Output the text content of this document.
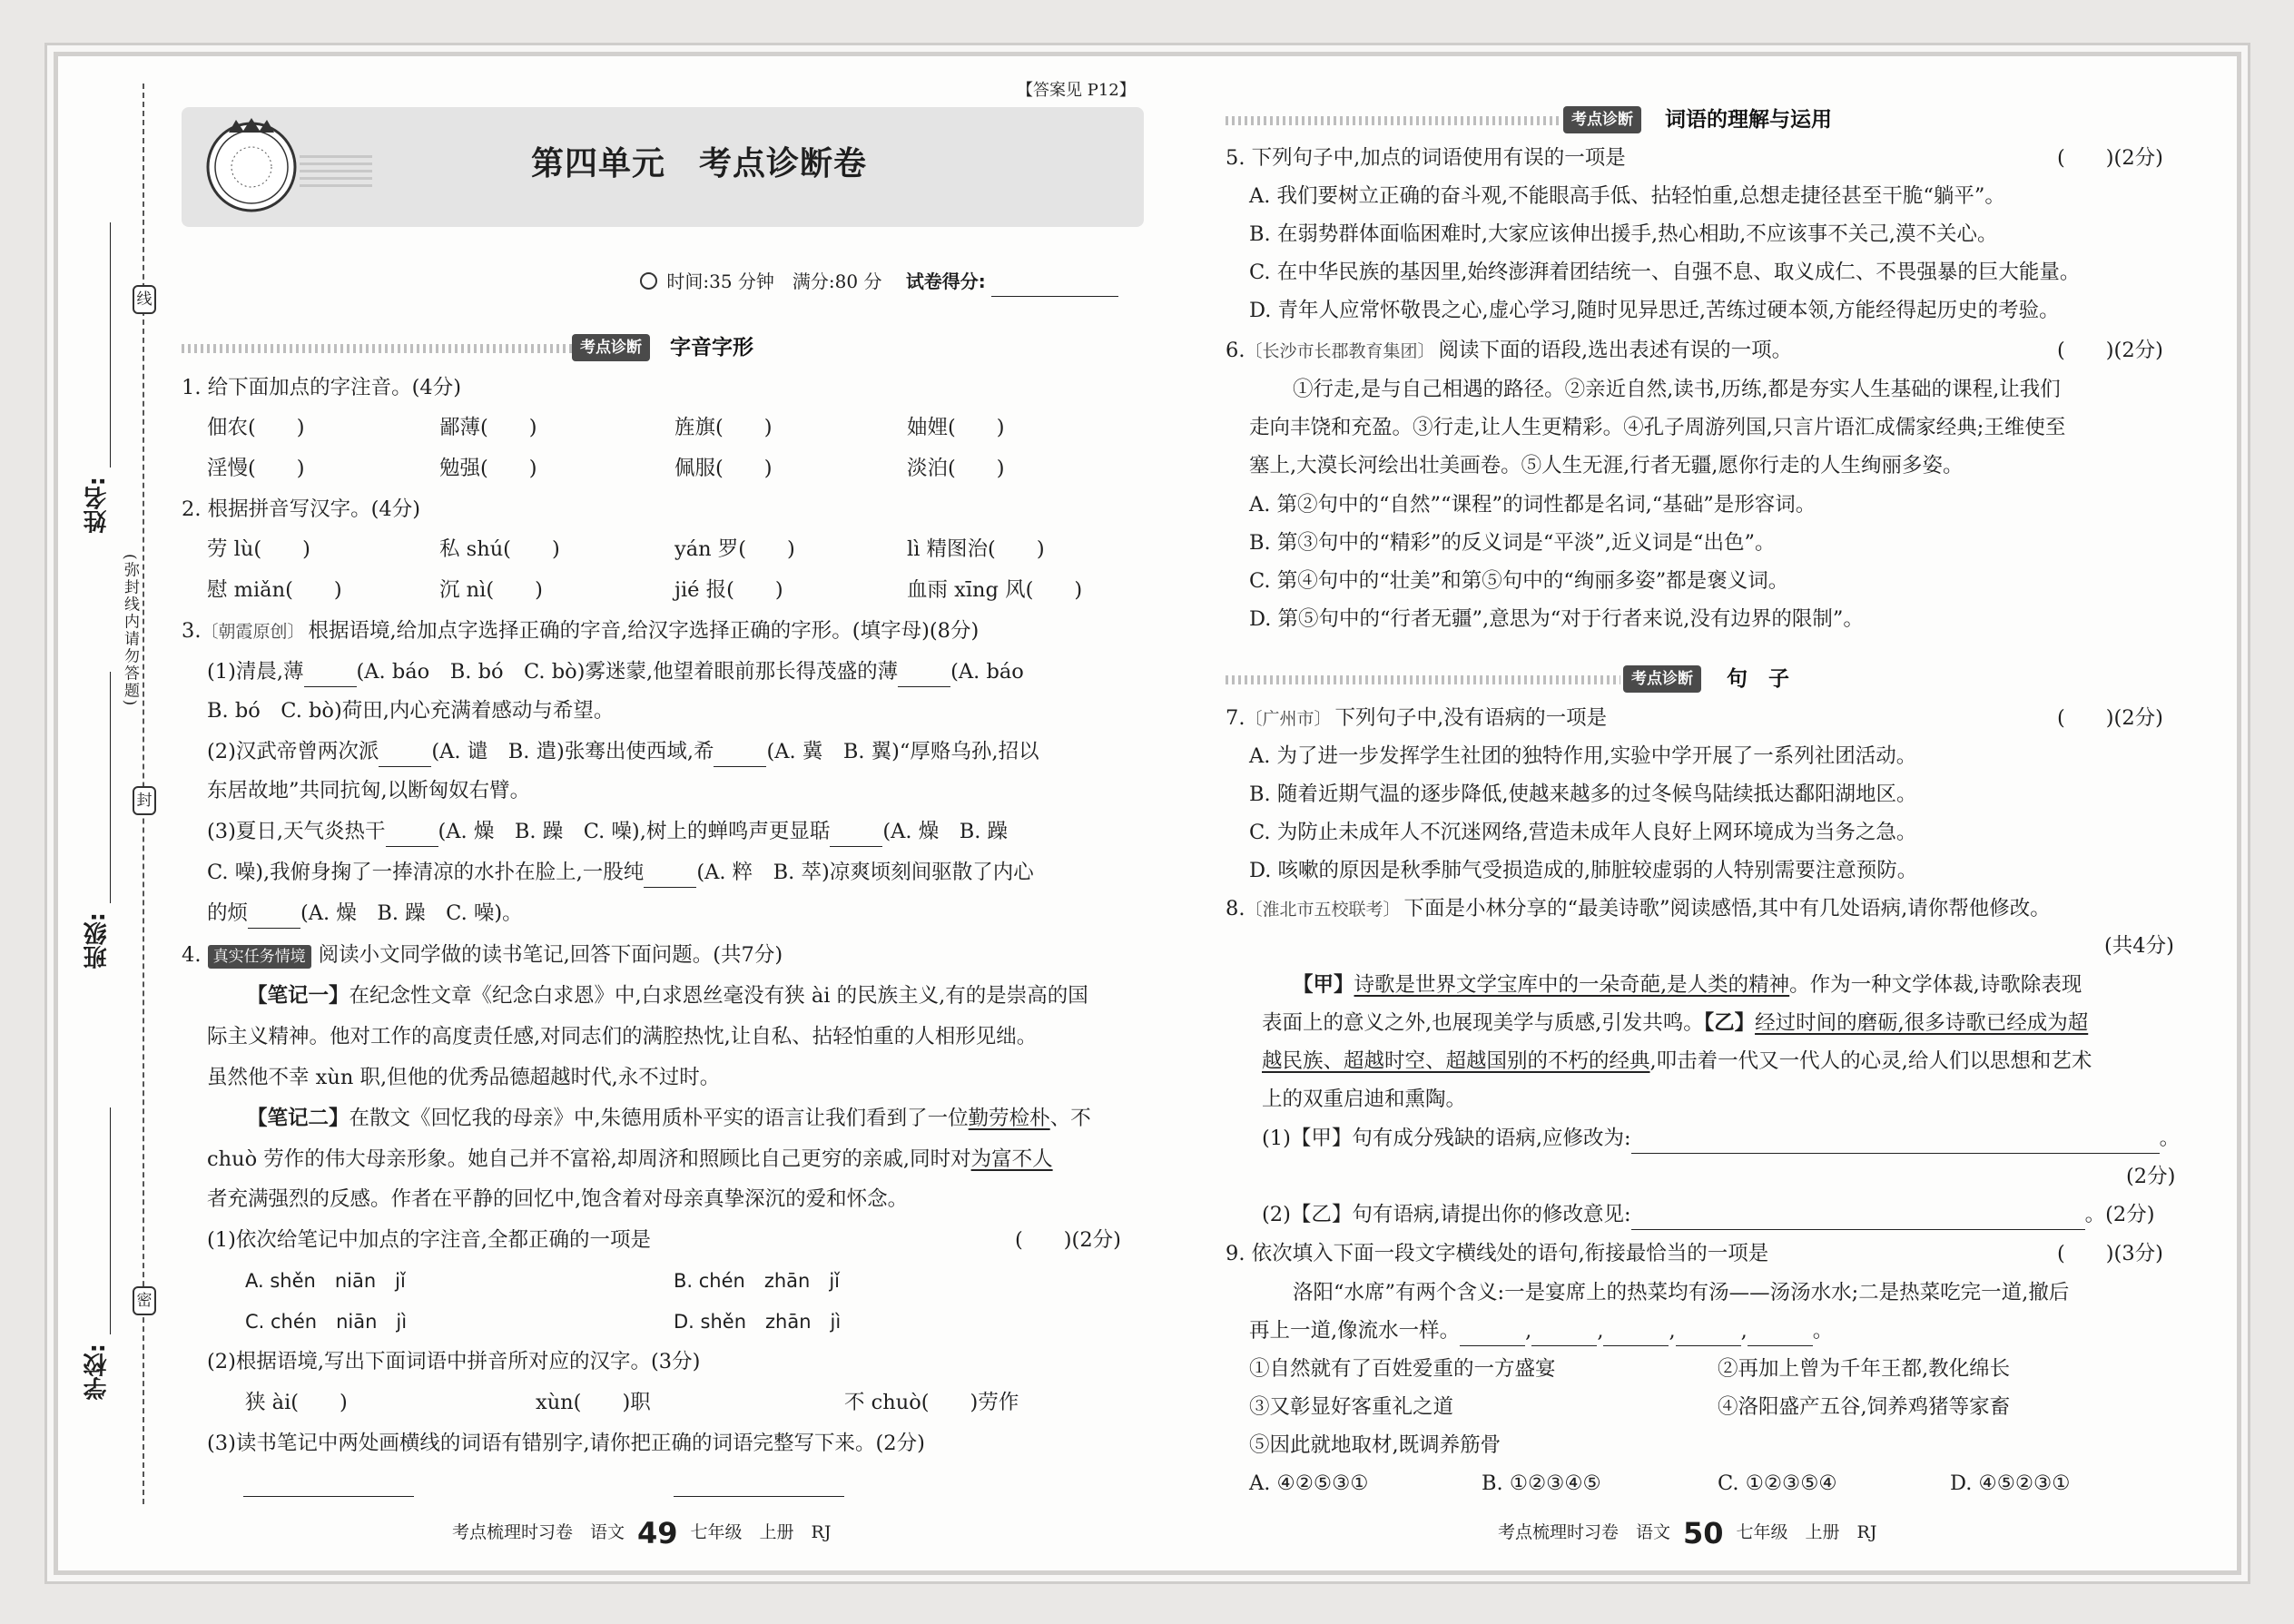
线
姓名:
(弥封线内请勿答题)
封
班级:
密
学校:
【答案见 P12】
第四单元　考点诊断卷
时间:35 分钟　满分:80 分 试卷得分:
考点诊断	字音字形
1. 给下面加点的字注音。(4分)
佃农(　　)	鄙薄(　　)	旌旗(　　)	妯娌(　　)
淫慢(　　)	勉强(　　)	佩服(　　)	淡泊(　　)
2. 根据拼音写汉字。(4分)
劳 lù(　　)	私 shú(　　)	yán 罗(　　)	lì 精图治(　　)
慰 miǎn(　　)	沉 nì(　　)	jié 报(　　)	血雨 xīng 风(　　)
3.〔朝霞原创〕 根据语境,给加点字选择正确的字音,给汉字选择正确的字形。(填字母)(8分)
(1)清晨,薄	(A. báo　B. bó　C. bò)雾迷蒙,他望着眼前那长得茂盛的薄	(A. báo
B. bó　C. bò)荷田,内心充满着感动与希望。
(2)汉武帝曾两次派	(A. 谴　B. 遣)张骞出使西域,希	(A. 冀　B. 翼)“厚赂乌孙,招以
东居故地”共同抗匈,以断匈奴右臂。
(3)夏日,天气炎热干	(A. 燥　B. 躁　C. 噪),树上的蝉鸣声更显聒	(A. 燥　B. 躁
C. 噪),我俯身掬了一捧清凉的水扑在脸上,一股纯	(A. 粹　B. 萃)凉爽顷刻间驱散了内心
的烦	(A. 燥　B. 躁　C. 噪)。
4. 真实任务情境 阅读小文同学做的读书笔记,回答下面问题。(共7分)
【笔记一】在纪念性文章《纪念白求恩》中,白求恩丝毫没有狭 ài 的民族主义,有的是崇高的国
际主义精神。他对工作的高度责任感,对同志们的满腔热忱,让自私、拈轻怕重的人相形见绌。
虽然他不幸 xùn 职,但他的优秀品德超越时代,永不过时。
【笔记二】在散文《回忆我的母亲》中,朱德用质朴平实的语言让我们看到了一位勤劳检朴、不
chuò 劳作的伟大母亲形象。她自己并不富裕,却周济和照顾比自己更穷的亲戚,同时对为富不人
者充满强烈的反感。作者在平静的回忆中,饱含着对母亲真挚深沉的爱和怀念。
(1)依次给笔记中加点的字注音,全都正确的一项是	(　　)(2分)
A. shěn　niān　jǐ	B. chén　zhān　jǐ
C. chén　niān　jì	D. shěn　zhān　jì
(2)根据语境,写出下面词语中拼音所对应的汉字。(3分)
狭 ài(　　)	xùn(　　)职	不 chuò(　　)劳作
(3)读书笔记中两处画横线的词语有错别字,请你把正确的词语完整写下来。(2分)
考点梳理时习卷　语文 49 七年级　上册　RJ
考点诊断	词语的理解与运用
5. 下列句子中,加点的词语使用有误的一项是	(　　)(2分)
A. 我们要树立正确的奋斗观,不能眼高手低、拈轻怕重,总想走捷径甚至干脆“躺平”。
B. 在弱势群体面临困难时,大家应该伸出援手,热心相助,不应该事不关己,漠不关心。
C. 在中华民族的基因里,始终澎湃着团结统一、自强不息、取义成仁、不畏强暴的巨大能量。
D. 青年人应常怀敬畏之心,虚心学习,随时见异思迁,苦练过硬本领,方能经得起历史的考验。
6.〔长沙市长郡教育集团〕 阅读下面的语段,选出表述有误的一项。	(　　)(2分)
①行走,是与自己相遇的路径。②亲近自然,读书,历练,都是夯实人生基础的课程,让我们
走向丰饶和充盈。③行走,让人生更精彩。④孔子周游列国,只言片语汇成儒家经典;王维使至
塞上,大漠长河绘出壮美画卷。⑤人生无涯,行者无疆,愿你行走的人生绚丽多姿。
A. 第②句中的“自然”“课程”的词性都是名词,“基础”是形容词。
B. 第③句中的“精彩”的反义词是“平淡”,近义词是“出色”。
C. 第④句中的“壮美”和第⑤句中的“绚丽多姿”都是褒义词。
D. 第⑤句中的“行者无疆”,意思为“对于行者来说,没有边界的限制”。
考点诊断	句　子
7.〔广州市〕 下列句子中,没有语病的一项是	(　　)(2分)
A. 为了进一步发挥学生社团的独特作用,实验中学开展了一系列社团活动。
B. 随着近期气温的逐步降低,使越来越多的过冬候鸟陆续抵达鄱阳湖地区。
C. 为防止未成年人不沉迷网络,营造未成年人良好上网环境成为当务之急。
D. 咳嗽的原因是秋季肺气受损造成的,肺脏较虚弱的人特别需要注意预防。
8.〔淮北市五校联考〕 下面是小林分享的“最美诗歌”阅读感悟,其中有几处语病,请你帮他修改。
(共4分)
【甲】诗歌是世界文学宝库中的一朵奇葩,是人类的精神。作为一种文学体裁,诗歌除表现
表面上的意义之外,也展现美学与质感,引发共鸣。【乙】经过时间的磨砺,很多诗歌已经成为超
越民族、超越时空、超越国别的不朽的经典,叩击着一代又一代人的心灵,给人们以思想和艺术
上的双重启迪和熏陶。
(1)【甲】句有成分残缺的语病,应修改为:	。
(2分)
(2)【乙】句有语病,请提出你的修改意见:	。(2分)
9. 依次填入下面一段文字横线处的语句,衔接最恰当的一项是	(　　)(3分)
洛阳“水席”有两个含义:一是宴席上的热菜均有汤——汤汤水水;二是热菜吃完一道,撤后
再上一道,像流水一样。	,	,	,	,	。
①自然就有了百姓爱重的一方盛宴	②再加上曾为千年王都,教化绵长
③又彰显好客重礼之道	④洛阳盛产五谷,饲养鸡猪等家畜
⑤因此就地取材,既调养筋骨
A. ④②⑤③①	B. ①②③④⑤	C. ①②③⑤④	D. ④⑤②③①
考点梳理时习卷　语文 50 七年级　上册　RJ
